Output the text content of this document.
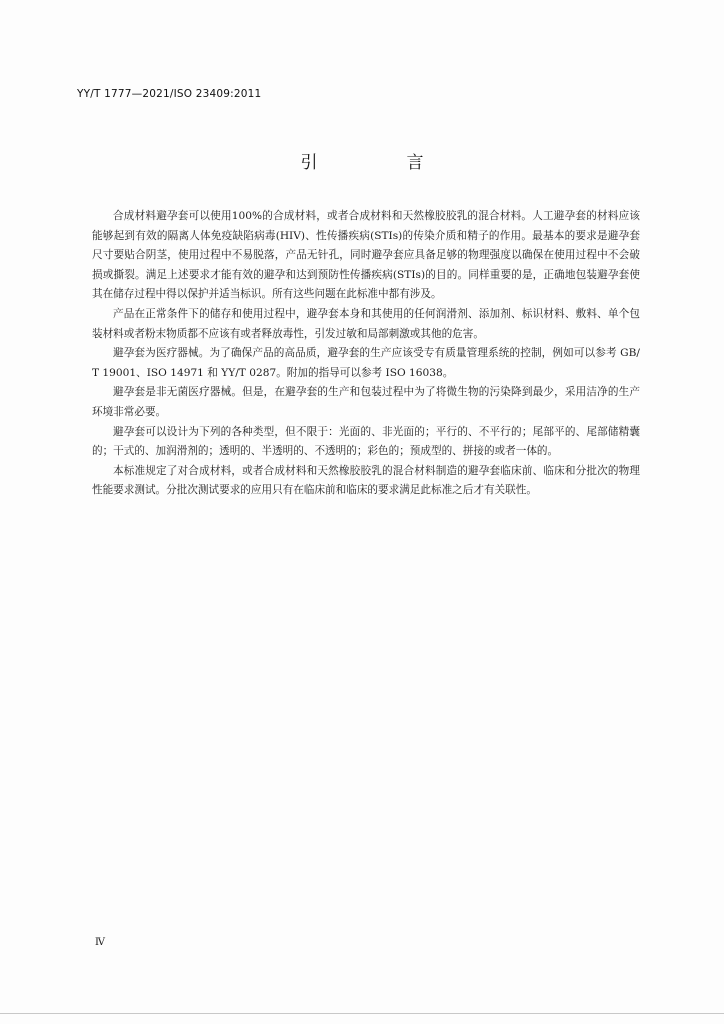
YY/T 1777—2021/ISO 23409:2011
引　言

合成材料避孕套可以使用100%的合成材料，或者合成材料和天然橡胶胶乳的混合材料。人工避孕套的材料应该能够起到有效的隔离人体免疫缺陷病毒(HIV)、性传播疾病(STIs)的传染介质和精子的作用。最基本的要求是避孕套尺寸要贴合阴茎，使用过程中不易脱落，产品无针孔，同时避孕套应具备足够的物理强度以确保在使用过程中不会破损或撕裂。满足上述要求才能有效的避孕和达到预防性传播疾病(STIs)的目的。同样重要的是，正确地包装避孕套使其在储存过程中得以保护并适当标识。所有这些问题在此标准中都有涉及。

产品在正常条件下的储存和使用过程中，避孕套本身和其使用的任何润滑剂、添加剂、标识材料、敷料、单个包装材料或者粉末物质都不应该有或者释放毒性，引发过敏和局部刺激或其他的危害。

避孕套为医疗器械。为了确保产品的高品质，避孕套的生产应该受专有质量管理系统的控制，例如可以参考 GB/T 19001、ISO 14971 和 YY/T 0287。附加的指导可以参考 ISO 16038。

避孕套是非无菌医疗器械。但是，在避孕套的生产和包装过程中为了将微生物的污染降到最少，采用洁净的生产环境非常必要。

避孕套可以设计为下列的各种类型，但不限于：光面的、非光面的；平行的、不平行的；尾部平的、尾部储精囊的；干式的、加润滑剂的；透明的、半透明的、不透明的；彩色的；预成型的、拼接的或者一体的。

本标准规定了对合成材料，或者合成材料和天然橡胶胶乳的混合材料制造的避孕套临床前、临床和分批次的物理性能要求测试。分批次测试要求的应用只有在临床前和临床的要求满足此标准之后才有关联性。

Ⅳ
